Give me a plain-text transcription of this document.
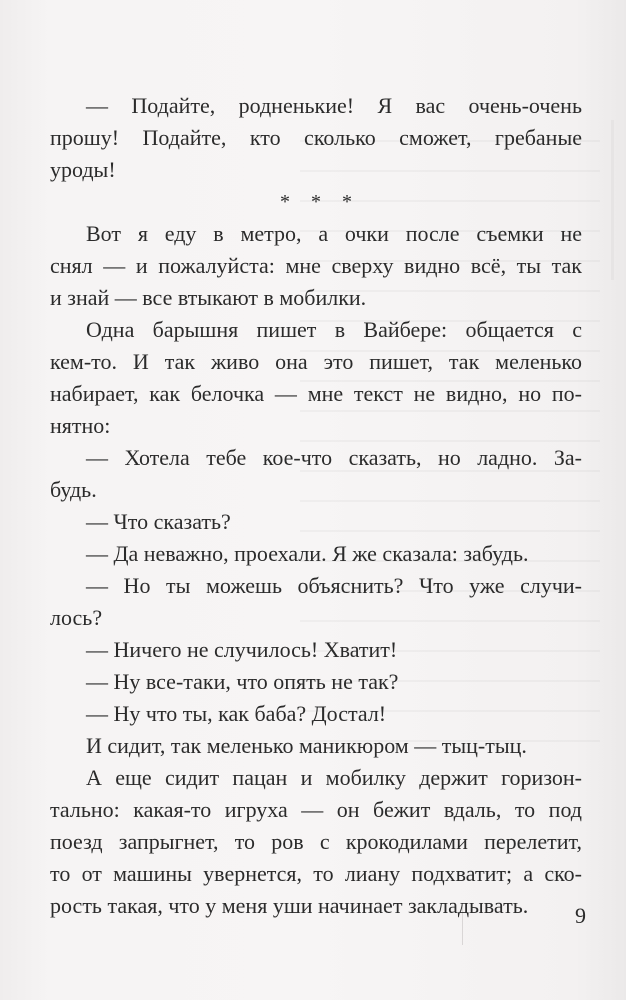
— Подайте, родненькие! Я вас очень-очень
прошу! Подайте, кто сколько сможет, гребаные
уроды!
* * *
Вот я еду в метро, а очки после съемки не
снял — и пожалуйста: мне сверху видно всё, ты так
и знай — все втыкают в мобилки.
Одна барышня пишет в Вайбере: общается с
кем-то. И так живо она это пишет, так меленько
набирает, как белочка — мне текст не видно, но по-
нятно:
— Хотела тебе кое-что сказать, но ладно. За-
будь.
— Что сказать?
— Да неважно, проехали. Я же сказала: забудь.
— Но ты можешь объяснить? Что уже случи-
лось?
— Ничего не случилось! Хватит!
— Ну все-таки, что опять не так?
— Ну что ты, как баба? Достал!
И сидит, так меленько маникюром — тыц-тыц.
А еще сидит пацан и мобилку держит горизон-
тально: какая-то игруха — он бежит вдаль, то под
поезд запрыгнет, то ров с крокодилами перелетит,
то от машины увернется, то лиану подхватит; а ско-
рость такая, что у меня уши начинает закладывать.	9
